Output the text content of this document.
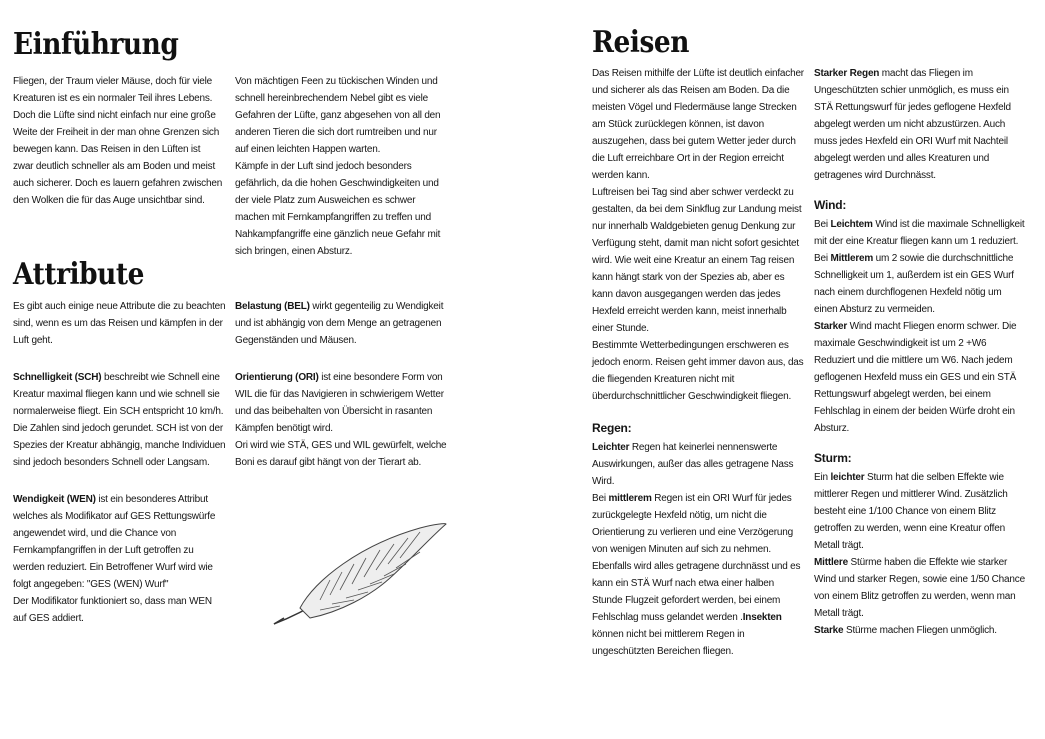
Einführung

Fliegen, der Traum vieler Mäuse, doch für viele Kreaturen ist es ein normaler Teil ihres Lebens. Doch die Lüfte sind nicht einfach nur eine große Weite der Freiheit in der man ohne Grenzen sich bewegen kann. Das Reisen in den Lüften ist zwar deutlich schneller als am Boden und meist auch sicherer. Doch es lauern gefahren zwischen den Wolken die für das Auge unsichtbar sind.

Von mächtigen Feen zu tückischen Winden und schnell hereinbrechendem Nebel gibt es viele Gefahren der Lüfte, ganz abgesehen von all den anderen Tieren die sich dort rumtreiben und nur auf einen leichten Happen warten.

Kämpfe in der Luft sind jedoch besonders gefährlich, da die hohen Geschwindigkeiten und der viele Platz zum Ausweichen es schwer machen mit Fernkampfangriffen zu treffen und Nahkampfangriffe eine gänzlich neue Gefahr mit sich bringen, einen Absturz.

Attribute

Es gibt auch einige neue Attribute die zu beachten sind, wenn es um das Reisen und kämpfen in der Luft geht.

Schnelligkeit (SCH) beschreibt wie Schnell eine Kreatur maximal fliegen kann und wie schnell sie normalerweise fliegt. Ein SCH entspricht 10 km/h. Die Zahlen sind jedoch gerundet. SCH ist von der Spezies der Kreatur abhängig, manche Individuen sind jedoch besonders Schnell oder Langsam.

Wendigkeit (WEN) ist ein besonderes Attribut welches als Modifikator auf GES Rettungswürfe angewendet wird, und die Chance von Fernkampfangriffen in der Luft getroffen zu werden reduziert. Ein Betroffener Wurf wird wie folgt angegeben: "GES (WEN) Wurf"

Der Modifikator funktioniert so, dass man WEN auf GES addiert.

Belastung (BEL) wirkt gegenteilig zu Wendigkeit und ist abhängig von dem Menge an getragenen Gegenständen und Mäusen.

Orientierung (ORI) ist eine besondere Form von WIL die für das Navigieren in schwierigem Wetter und das beibehalten von Übersicht in rasanten Kämpfen benötigt wird.

Ori wird wie STÄ, GES und WIL gewürfelt, welche Boni es darauf gibt hängt von der Tierart ab.

Reisen

Das Reisen mithilfe der Lüfte ist deutlich einfacher und sicherer als das Reisen am Boden. Da die meisten Vögel und Fledermäuse lange Strecken am Stück zurücklegen können, ist davon auszugehen, dass bei gutem Wetter jeder durch die Luft erreichbare Ort in der Region erreicht werden kann.

Luftreisen bei Tag sind aber schwer verdeckt zu gestalten, da bei dem Sinkflug zur Landung meist nur innerhalb Waldgebieten genug Denkung zur Verfügung steht, damit man nicht sofort gesichtet wird. Wie weit eine Kreatur an einem Tag reisen kann hängt stark von der Spezies ab, aber es kann davon ausgegangen werden das jedes Hexfeld erreicht werden kann, meist innerhalb einer Stunde.

Bestimmte Wetterbedingungen erschweren es jedoch enorm. Reisen geht immer davon aus, das die fliegenden Kreaturen nicht mit überdurchschnittlicher Geschwindigkeit fliegen.

Regen:

Leichter Regen hat keinerlei nennenswerte Auswirkungen, außer das alles getragene Nass Wird.

Bei mittlerem Regen ist ein ORI Wurf für jedes zurückgelegte Hexfeld nötig, um nicht die Orientierung zu verlieren und eine Verzögerung von wenigen Minuten auf sich zu nehmen.

Ebenfalls wird alles getragene durchnässt und es kann ein STÄ Wurf nach etwa einer halben Stunde Flugzeit gefordert werden, bei einem Fehlschlag muss gelandet werden .Insekten können nicht bei mittlerem Regen in ungeschützten Bereichen fliegen.

Starker Regen macht das Fliegen im Ungeschützten schier unmöglich, es muss ein STÄ Rettungswurf für jedes geflogene Hexfeld abgelegt werden um nicht abzustürzen. Auch muss jedes Hexfeld ein ORI Wurf mit Nachteil abgelegt werden und alles Kreaturen und getragenes wird Durchnässt.

Wind:

Bei Leichtem Wind ist die maximale Schnelligkeit mit der eine Kreatur fliegen kann um 1 reduziert.

Bei Mittlerem um 2 sowie die durchschnittliche Schnelligkeit um 1, außerdem ist ein GES Wurf nach einem durchflogenen Hexfeld nötig um einen Absturz zu vermeiden.

Starker Wind macht Fliegen enorm schwer. Die maximale Geschwindigkeit ist um 2 +W6 Reduziert und die mittlere um W6. Nach jedem geflogenen Hexfeld muss ein GES und ein STÄ Rettungswurf abgelegt werden, bei einem Fehlschlag in einem der beiden Würfe droht ein Absturz.

Sturm:

Ein leichter Sturm hat die selben Effekte wie mittlerer Regen und mittlerer Wind. Zusätzlich besteht eine 1/100 Chance von einem Blitz getroffen zu werden, wenn eine Kreatur offen Metall trägt.

Mittlere Stürme haben die Effekte wie starker Wind und starker Regen, sowie eine 1/50 Chance von einem Blitz getroffen zu werden, wenn man Metall trägt.

Starke Stürme machen Fliegen unmöglich.
